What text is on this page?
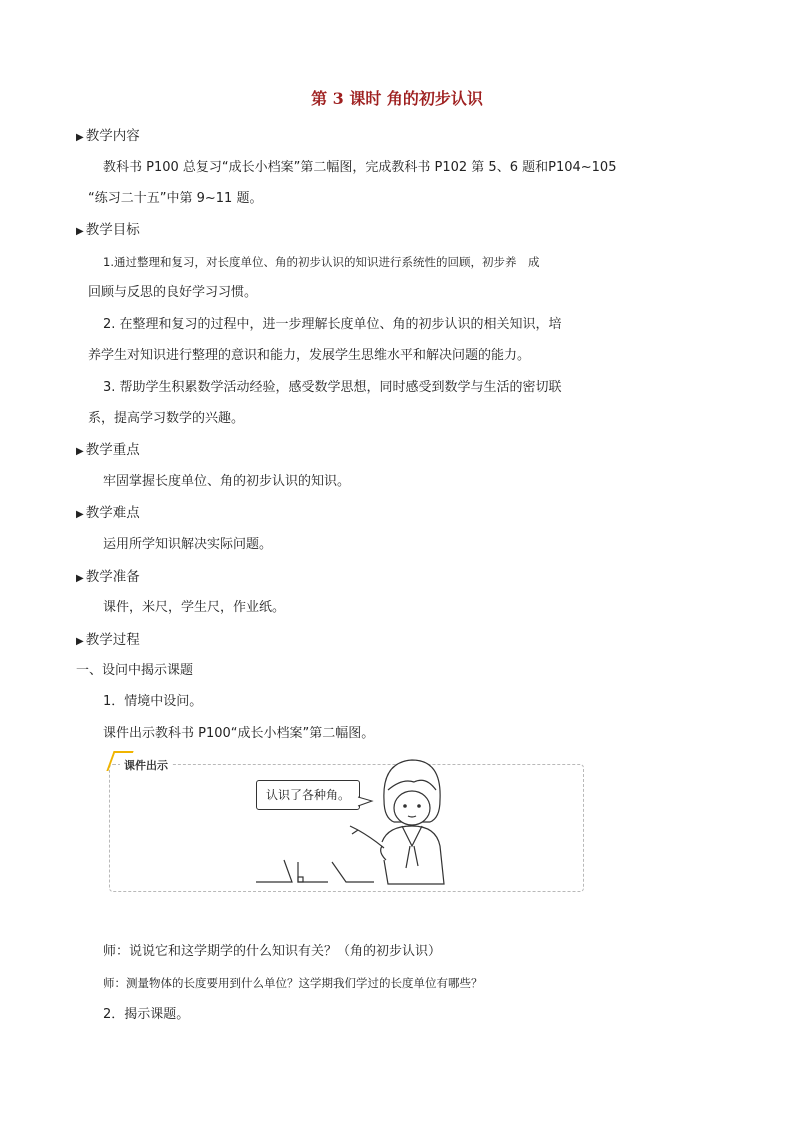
第 3 课时 角的初步认识
▶ 教学内容
教科书 P100 总复习“成长小档案”第二幅图，完成教科书 P102 第 5、6 题和P104~105
“练习二十五”中第 9~11 题。
▶ 教学目标
1.通过整理和复习，对长度单位、角的初步认识的知识进行系统性的回顾，初步养　成
回顾与反思的良好学习习惯。
2. 在整理和复习的过程中，进一步理解长度单位、角的初步认识的相关知识，培
养学生对知识进行整理的意识和能力，发展学生思维水平和解决问题的能力。
3. 帮助学生积累数学活动经验，感受数学思想，同时感受到数学与生活的密切联
系，提高学习数学的兴趣。
▶ 教学重点
牢固掌握长度单位、角的初步认识的知识。
▶ 教学难点
运用所学知识解决实际问题。
▶ 教学准备
课件，米尺，学生尺，作业纸。
▶ 教学过程
一、设问中揭示课题
1．情境中设问。
课件出示教科书 P100“成长小档案”第二幅图。
课件出示
认识了各种角。
师：说说它和这学期学的什么知识有关？（角的初步认识）
师：测量物体的长度要用到什么单位？这学期我们学过的长度单位有哪些？
2．揭示课题。
